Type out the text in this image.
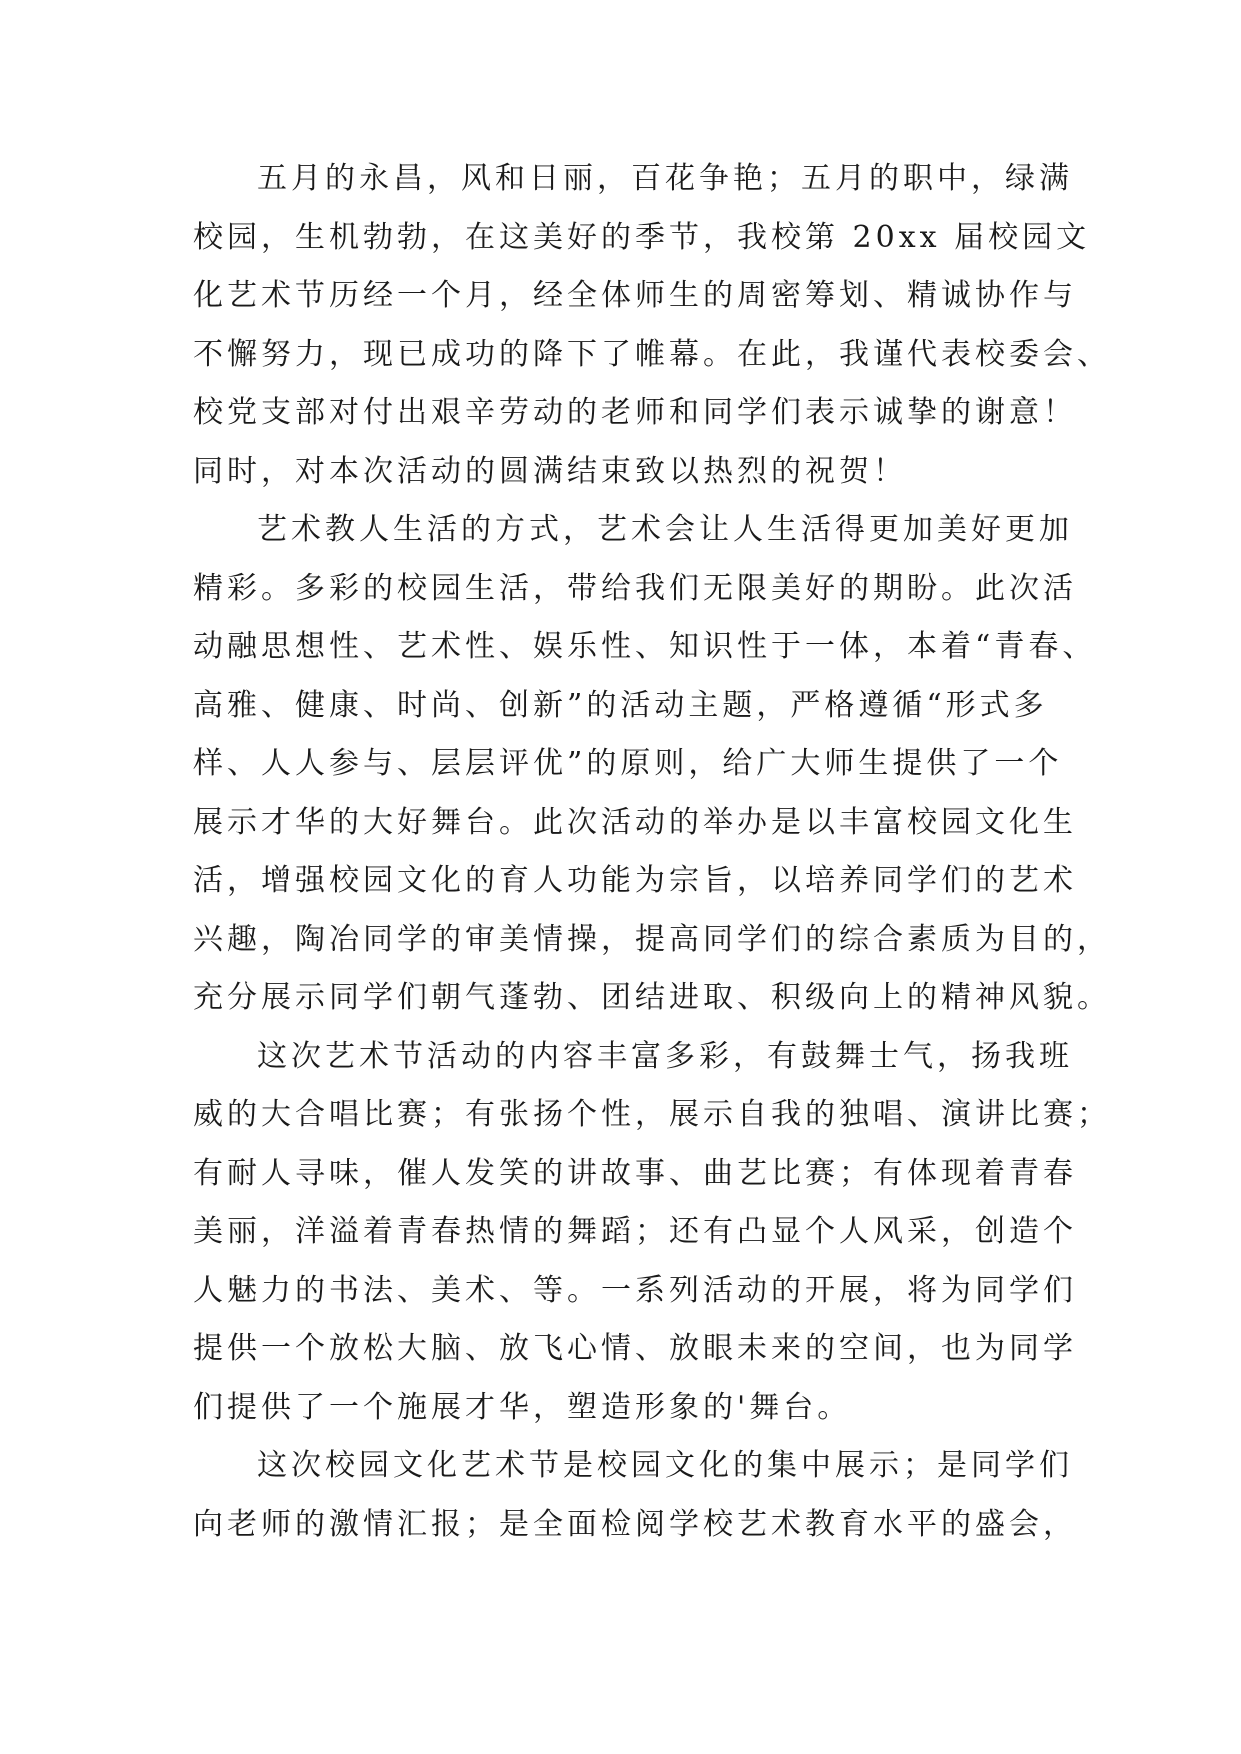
五月的永昌，风和日丽，百花争艳；五月的职中，绿满
校园，生机勃勃，在这美好的季节，我校第 20xx 届校园文
化艺术节历经一个月，经全体师生的周密筹划、精诚协作与
不懈努力，现已成功的降下了帷幕。在此，我谨代表校委会、
校党支部对付出艰辛劳动的老师和同学们表示诚挚的谢意！
同时，对本次活动的圆满结束致以热烈的祝贺！
艺术教人生活的方式，艺术会让人生活得更加美好更加
精彩。多彩的校园生活，带给我们无限美好的期盼。此次活
动融思想性、艺术性、娱乐性、知识性于一体，本着“青春、
高雅、健康、时尚、创新”的活动主题，严格遵循“形式多
样、人人参与、层层评优”的原则，给广大师生提供了一个
展示才华的大好舞台。此次活动的举办是以丰富校园文化生
活，增强校园文化的育人功能为宗旨，以培养同学们的艺术
兴趣，陶冶同学的审美情操，提高同学们的综合素质为目的，
充分展示同学们朝气蓬勃、团结进取、积级向上的精神风貌。
这次艺术节活动的内容丰富多彩，有鼓舞士气，扬我班
威的大合唱比赛；有张扬个性，展示自我的独唱、演讲比赛；
有耐人寻味，催人发笑的讲故事、曲艺比赛；有体现着青春
美丽，洋溢着青春热情的舞蹈；还有凸显个人风采，创造个
人魅力的书法、美术、等。一系列活动的开展，将为同学们
提供一个放松大脑、放飞心情、放眼未来的空间，也为同学
们提供了一个施展才华，塑造形象的'舞台。
这次校园文化艺术节是校园文化的集中展示；是同学们
向老师的激情汇报；是全面检阅学校艺术教育水平的盛会，
